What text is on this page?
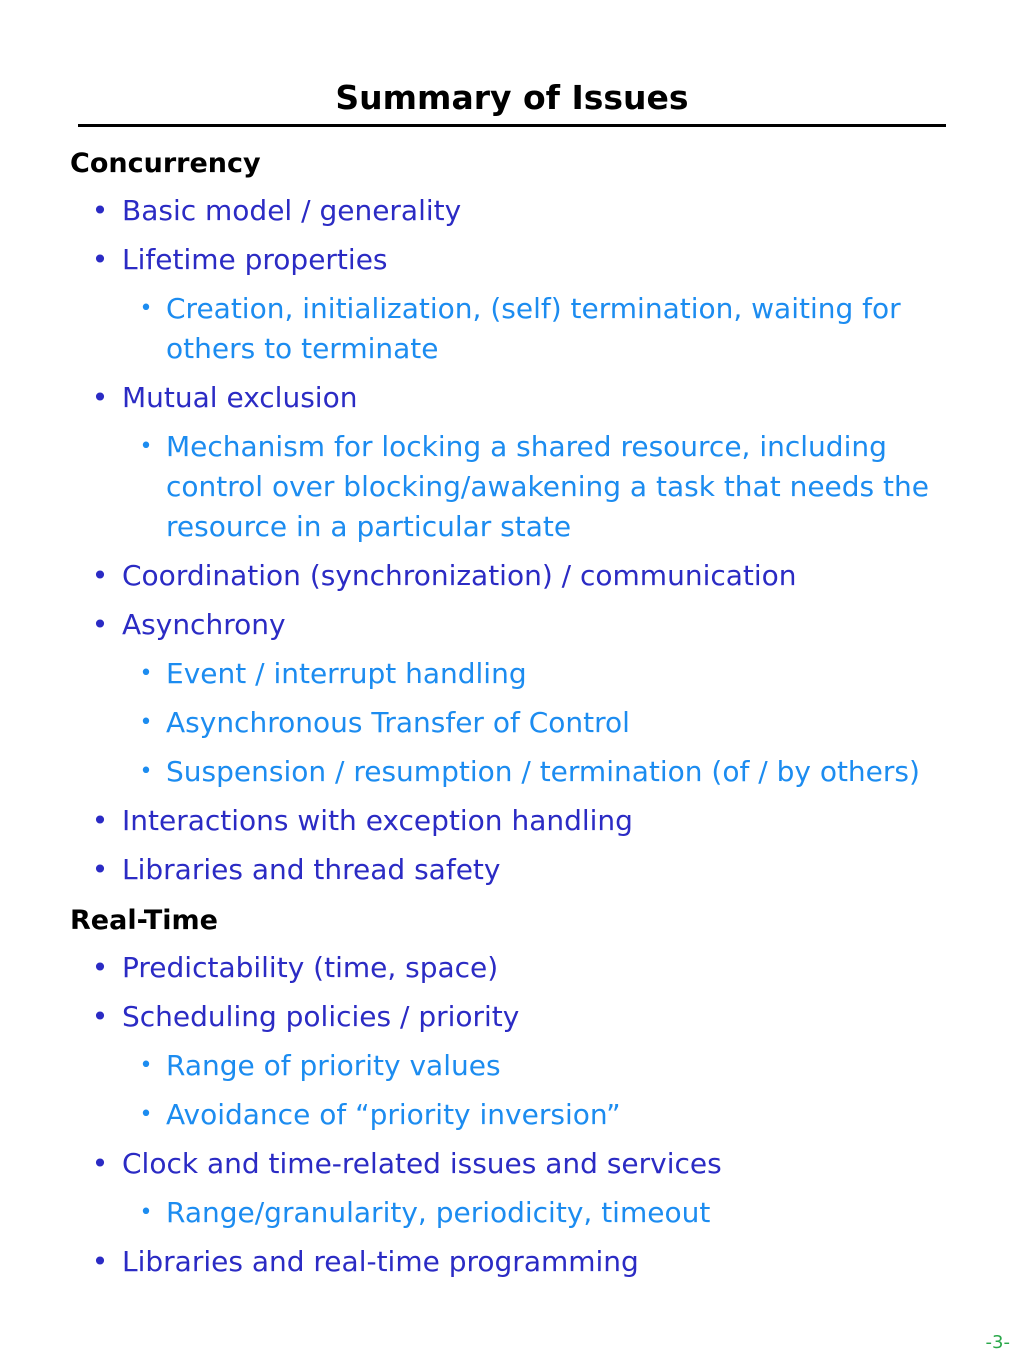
Summary of Issues
Concurrency
• Basic model / generality
• Lifetime properties
• Creation, initialization, (self) termination, waiting for others to terminate
• Mutual exclusion
• Mechanism for locking a shared resource, including control over blocking/awakening a task that needs the resource in a particular state
• Coordination (synchronization) / communication
• Asynchrony
• Event / interrupt handling
• Asynchronous Transfer of Control
• Suspension / resumption / termination (of / by others)
• Interactions with exception handling
• Libraries and thread safety
Real-Time
• Predictability (time, space)
• Scheduling policies / priority
• Range of priority values
• Avoidance of “priority inversion”
• Clock and time-related issues and services
• Range/granularity, periodicity, timeout
• Libraries and real-time programming
-3-
